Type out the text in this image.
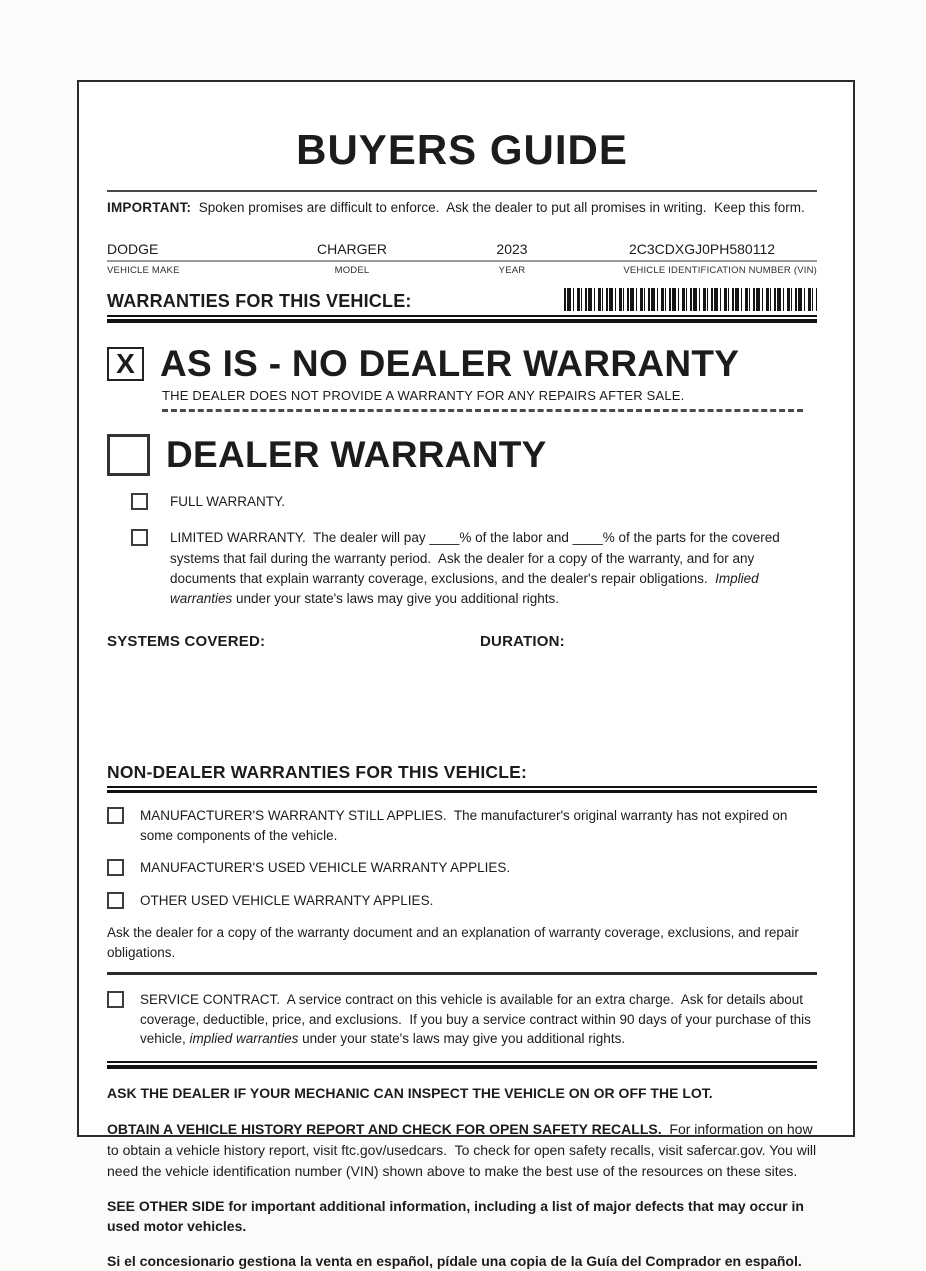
BUYERS GUIDE
IMPORTANT:  Spoken promises are difficult to enforce.  Ask the dealer to put all promises in writing.  Keep this form.
DODGE	CHARGER	2023	2C3CDXGJ0PH580112
VEHICLE MAKE	MODEL	YEAR	VEHICLE IDENTIFICATION NUMBER (VIN)
WARRANTIES FOR THIS VEHICLE:
X AS IS - NO DEALER WARRANTY
THE DEALER DOES NOT PROVIDE A WARRANTY FOR ANY REPAIRS AFTER SALE.
DEALER WARRANTY
FULL WARRANTY.
LIMITED WARRANTY.  The dealer will pay ____% of the labor and ____% of the parts for the covered systems that fail during the warranty period.  Ask the dealer for a copy of the warranty, and for any documents that explain warranty coverage, exclusions, and the dealer's repair obligations.  Implied warranties under your state's laws may give you additional rights.
SYSTEMS COVERED:	DURATION:
NON-DEALER WARRANTIES FOR THIS VEHICLE:
MANUFACTURER'S WARRANTY STILL APPLIES.  The manufacturer's original warranty has not expired on some components of the vehicle.
MANUFACTURER'S USED VEHICLE WARRANTY APPLIES.
OTHER USED VEHICLE WARRANTY APPLIES.
Ask the dealer for a copy of the warranty document and an explanation of warranty coverage, exclusions, and repair obligations.
SERVICE CONTRACT.  A service contract on this vehicle is available for an extra charge.  Ask for details about coverage, deductible, price, and exclusions.  If you buy a service contract within 90 days of your purchase of this vehicle, implied warranties under your state's laws may give you additional rights.

ASK THE DEALER IF YOUR MECHANIC CAN INSPECT THE VEHICLE ON OR OFF THE LOT.

OBTAIN A VEHICLE HISTORY REPORT AND CHECK FOR OPEN SAFETY RECALLS.  For information on how to obtain a vehicle history report, visit ftc.gov/usedcars.  To check for open safety recalls, visit safercar.gov. You will need the vehicle identification number (VIN) shown above to make the best use of the resources on these sites.

SEE OTHER SIDE for important additional information, including a list of major defects that may occur in used motor vehicles.

Si el concesionario gestiona la venta en español, pídale una copia de la Guía del Comprador en español.
